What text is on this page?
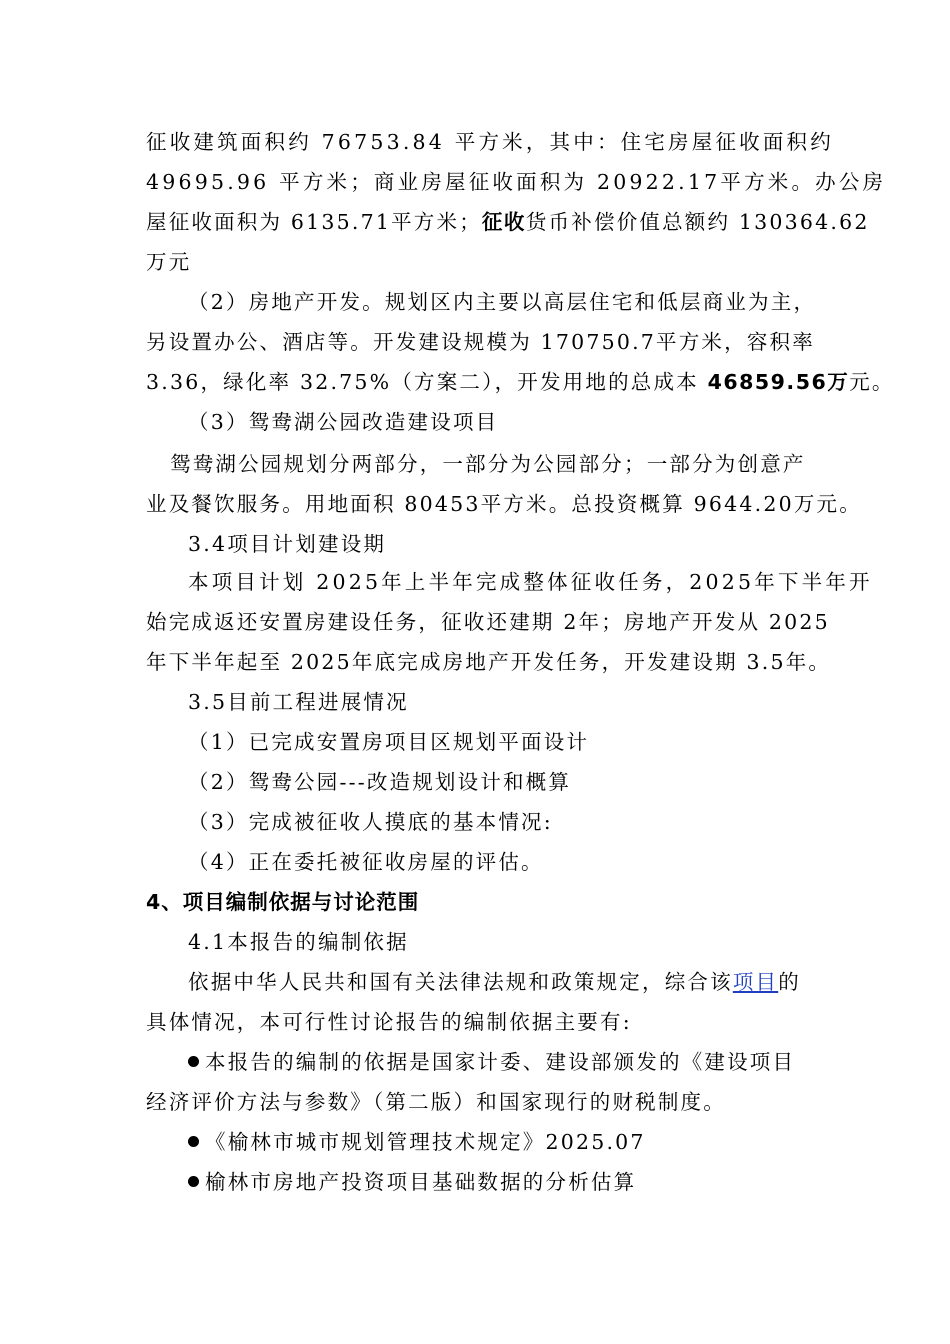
征收建筑面积约 76753.84 平方米，其中：住宅房屋征收面积约
49695.96 平方米；商业房屋征收面积为 20922.17平方米。办公房
屋征收面积为 6135.71平方米；征收货币补偿价值总额约 130364.62
万元
（2）房地产开发。规划区内主要以高层住宅和低层商业为主，
另设置办公、酒店等。开发建设规模为 170750.7平方米，容积率
3.36，绿化率 32.75%（方案二），开发用地的总成本 46859.56万元。
（3）鸳鸯湖公园改造建设项目
鸳鸯湖公园规划分两部分，一部分为公园部分；一部分为创意产
业及餐饮服务。用地面积 80453平方米。总投资概算 9644.20万元。
3.4项目计划建设期
本项目计划 2025年上半年完成整体征收任务，2025年下半年开
始完成返还安置房建设任务，征收还建期 2年；房地产开发从 2025
年下半年起至 2025年底完成房地产开发任务，开发建设期 3.5年。
3.5目前工程进展情况
（1）已完成安置房项目区规划平面设计
（2）鸳鸯公园---改造规划设计和概算
（3）完成被征收人摸底的基本情况:
（4）正在委托被征收房屋的评估。
4、项目编制依据与讨论范围
4.1本报告的编制依据
依据中华人民共和国有关法律法规和政策规定，综合该项目的
具体情况，本可行性讨论报告的编制依据主要有:
本报告的编制的依据是国家计委、建设部颁发的《建设项目
经济评价方法与参数》（第二版）和国家现行的财税制度。
《榆林市城市规划管理技术规定》2025.07
榆林市房地产投资项目基础数据的分析估算
